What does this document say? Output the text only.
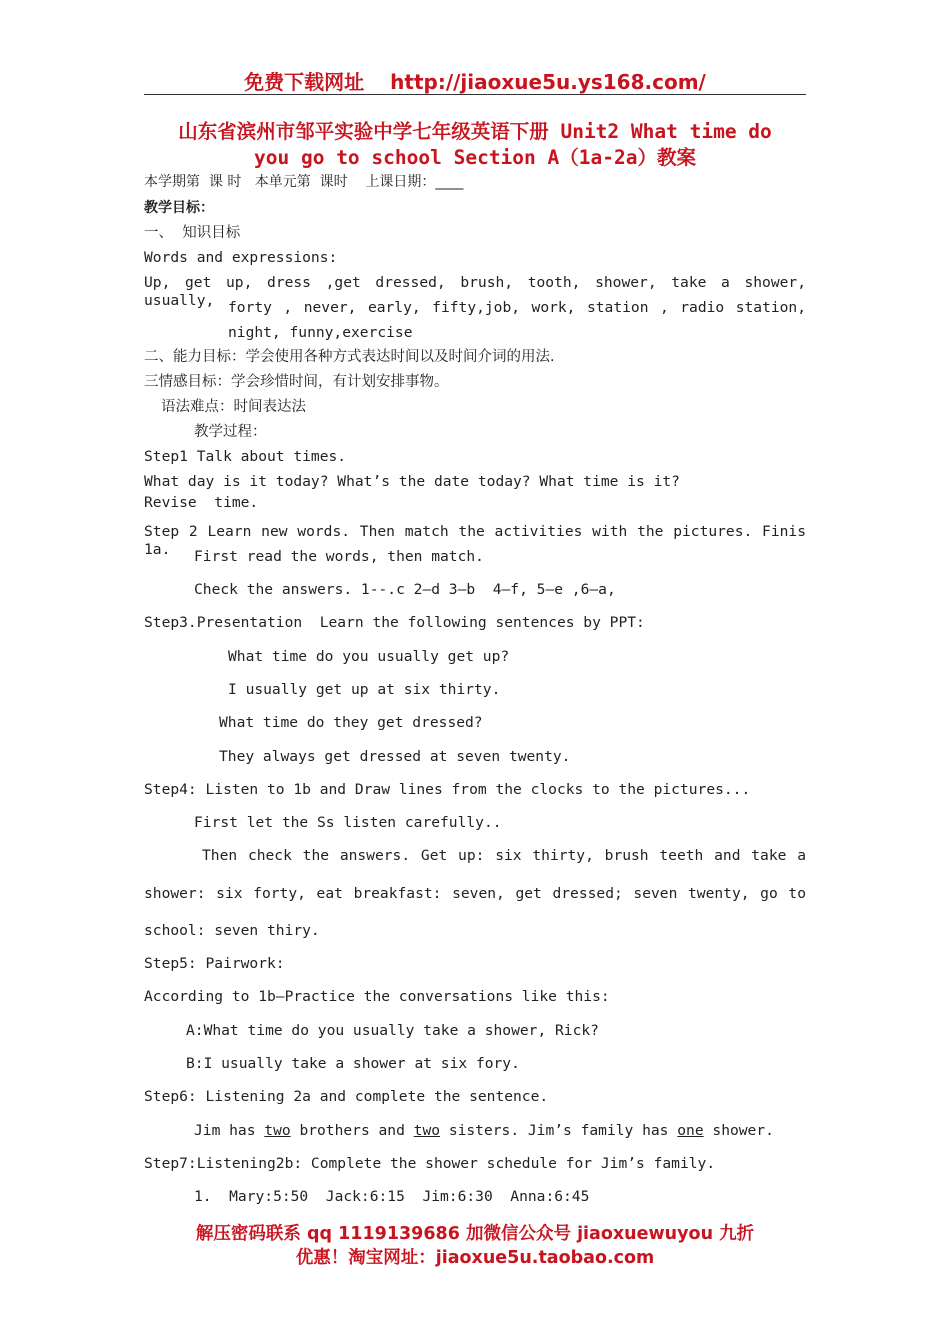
免费下载网址 http://jiaoxue5u.ys168.com/
山东省滨州市邹平实验中学七年级英语下册 Unit2 What time do
you go to school Section A（1a-2a）教案
本学期第  课 时   本单元第  课时    上课日期：____
教学目标：
一、  知识目标
Words and expressions:
Up, get up, dress ,get dressed, brush, tooth, shower, take a shower, usually, forty , never, early, fifty,job, work, station , radio station,
night, funny,exercise
二、能力目标：学会使用各种方式表达时间以及时间介词的用法.
三情感目标：学会珍惜时间，有计划安排事物。
语法难点：时间表达法
教学过程：
Step1 Talk about times.
What day is it today? What’s the date today? What time is it?
Revise  time.
Step 2 Learn new words. Then match the activities with the pictures. Finis 1a.	First read the words, then match.
Check the answers. 1--.c 2—d 3—b  4—f, 5—e ,6—a,
Step3.Presentation  Learn the following sentences by PPT:
What time do you usually get up?
I usually get up at six thirty.
What time do they get dressed?
They always get dressed at seven twenty.
Step4: Listen to 1b and Draw lines from the clocks to the pictures...
First let the Ss listen carefully..
Then check the answers. Get up: six thirty, brush teeth and take a
shower: six forty, eat breakfast: seven, get dressed; seven twenty, go to
school: seven thiry.
Step5: Pairwork:
According to 1b—Practice the conversations like this:
A:What time do you usually take a shower, Rick?
B:I usually take a shower at six fory.
Step6: Listening 2a and complete the sentence.
Jim has two brothers and two sisters. Jim’s family has one shower.
Step7:Listening2b: Complete the shower schedule for Jim’s family.
1.  Mary:5:50  Jack:6:15  Jim:6:30  Anna:6:45
解压密码联系 qq 1119139686 加微信公众号 jiaoxuewuyou 九折
优惠！淘宝网址：jiaoxue5u.taobao.com
